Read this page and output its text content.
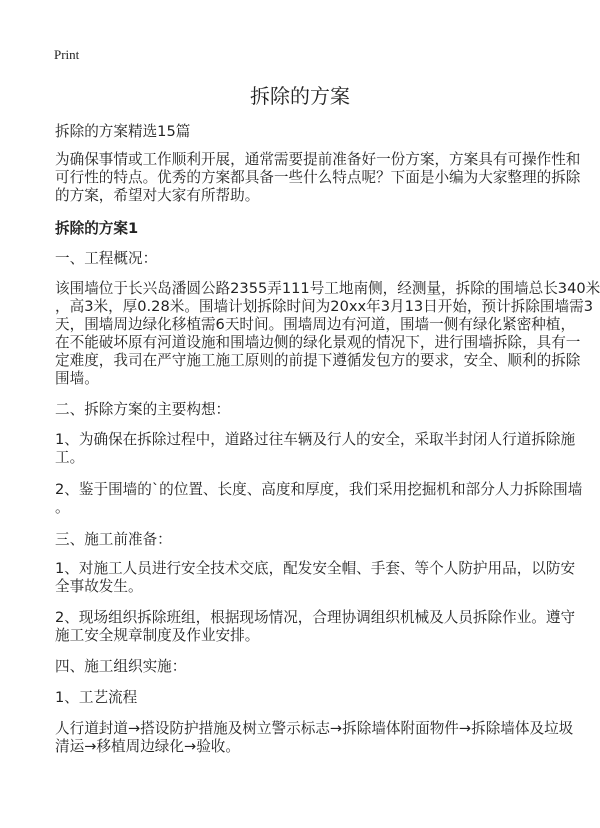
Print
拆除的方案
拆除的方案精选15篇
为确保事情或工作顺利开展，通常需要提前准备好一份方案，方案具有可操作性和
可行性的特点。优秀的方案都具备一些什么特点呢？下面是小编为大家整理的拆除
的方案，希望对大家有所帮助。
拆除的方案1
一、工程概况：
该围墙位于长兴岛潘圆公路2355弄111号工地南侧，经测量，拆除的围墙总长340米
，高3米，厚0.28米。围墙计划拆除时间为20xx年3月13日开始，预计拆除围墙需3
天，围墙周边绿化移植需6天时间。围墙周边有河道，围墙一侧有绿化紧密种植，
在不能破坏原有河道设施和围墙边侧的绿化景观的情况下，进行围墙拆除，具有一
定难度，我司在严守施工施工原则的前提下遵循发包方的要求，安全、顺利的拆除
围墙。
二、拆除方案的主要构想：
1、为确保在拆除过程中，道路过往车辆及行人的安全，采取半封闭人行道拆除施
工。
2、鉴于围墙的`的位置、长度、高度和厚度，我们采用挖掘机和部分人力拆除围墙
。
三、施工前准备：
1、对施工人员进行安全技术交底，配发安全帽、手套、等个人防护用品，以防安
全事故发生。
2、现场组织拆除班组，根据现场情况，合理协调组织机械及人员拆除作业。遵守
施工安全规章制度及作业安排。
四、施工组织实施：
1、工艺流程
人行道封道→搭设防护措施及树立警示标志→拆除墙体附面物件→拆除墙体及垃圾
清运→移植周边绿化→验收。
